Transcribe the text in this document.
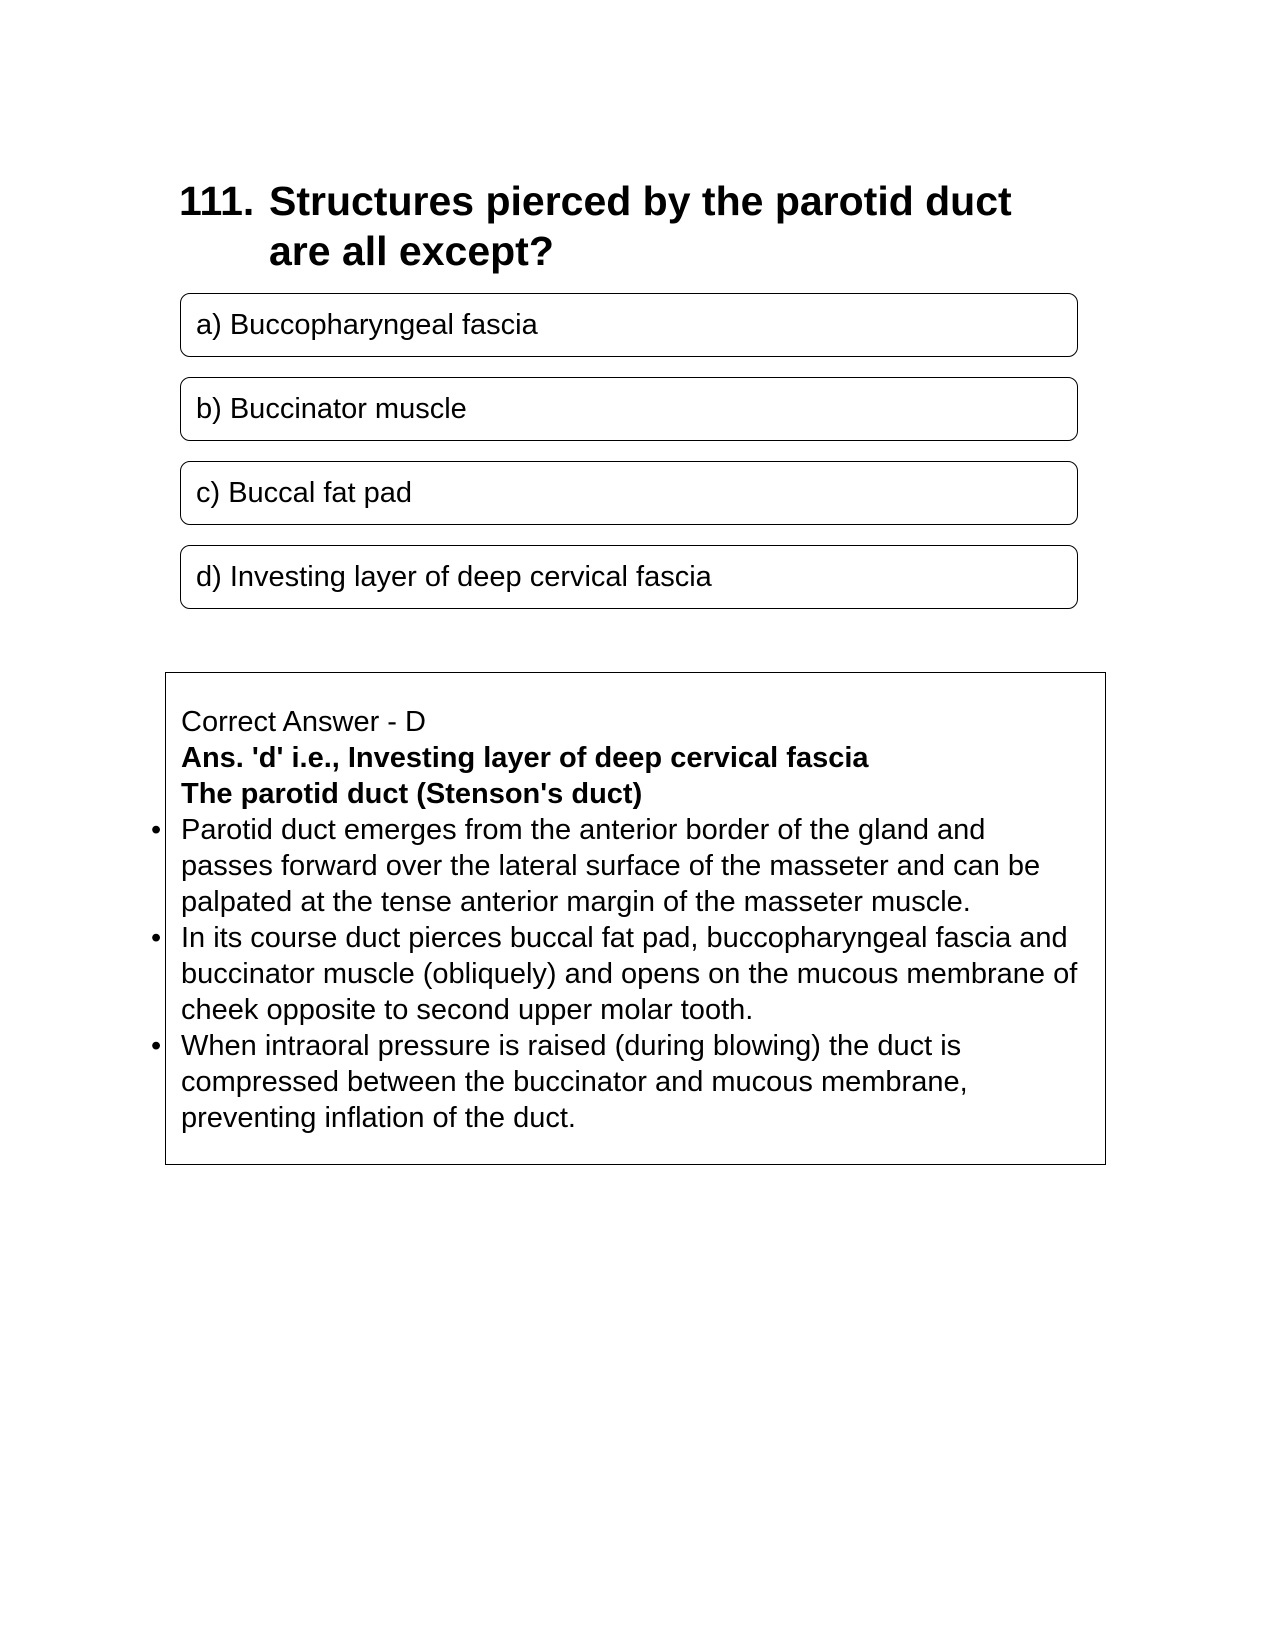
111. Structures pierced by the parotid duct are all except?
a) Buccopharyngeal fascia
b) Buccinator muscle
c) Buccal fat pad
d) Investing layer of deep cervical fascia
Correct Answer - D
Ans. 'd' i.e., Investing layer of deep cervical fascia
The parotid duct (Stenson's duct)
• Parotid duct emerges from the anterior border of the gland and passes forward over the lateral surface of the masseter and can be palpated at the tense anterior margin of the masseter muscle.
• In its course duct pierces buccal fat pad, buccopharyngeal fascia and buccinator muscle (obliquely) and opens on the mucous membrane of cheek opposite to second upper molar tooth.
• When intraoral pressure is raised (during blowing) the duct is compressed between the buccinator and mucous membrane, preventing inflation of the duct.
